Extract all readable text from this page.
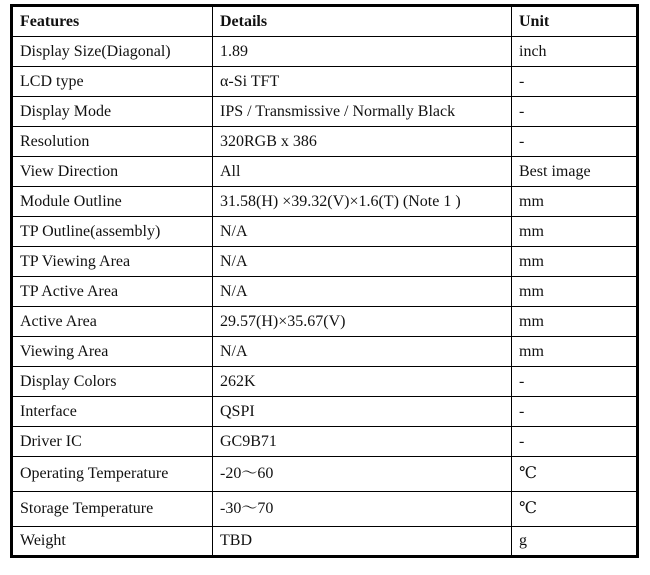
Features	Details	Unit
Display Size(Diagonal)	1.89	inch
LCD type	α-Si TFT	-
Display Mode	IPS / Transmissive / Normally Black	-
Resolution	320RGB x 386	-
View Direction	All	Best image
Module Outline	31.58(H) ×39.32(V)×1.6(T) (Note 1 )	mm
TP Outline(assembly)	N/A	mm
TP Viewing Area	N/A	mm
TP Active Area	N/A	mm
Active Area	29.57(H)×35.67(V)	mm
Viewing Area	N/A	mm
Display Colors	262K	-
Interface	QSPI	-
Driver IC	GC9B71	-
Operating Temperature	-20～60	℃
Storage Temperature	-30～70	℃
Weight	TBD	g
